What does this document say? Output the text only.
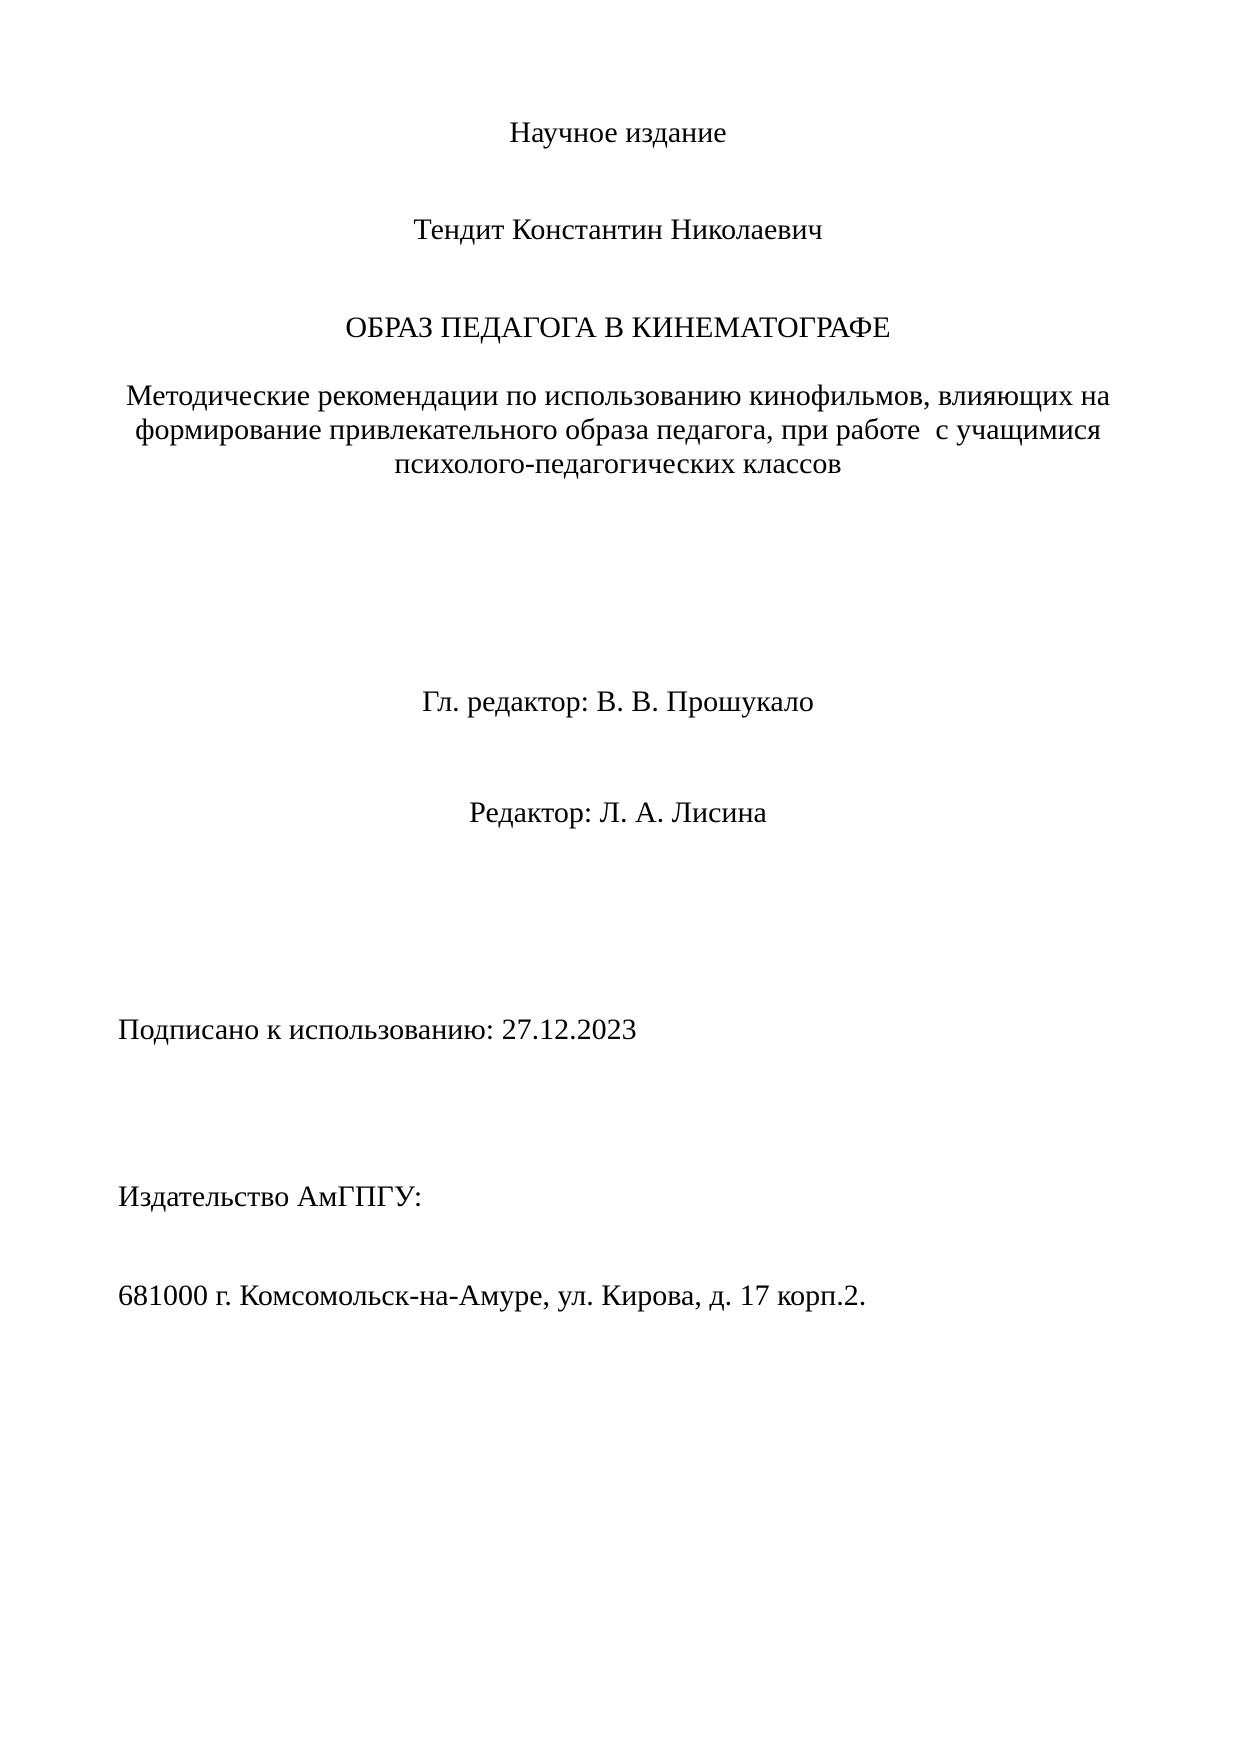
Научное издание
Тендит Константин Николаевич
ОБРАЗ ПЕДАГОГА В КИНЕМАТОГРАФЕ
Методические рекомендации по использованию кинофильмов, влияющих на формирование привлекательного образа педагога, при работе  с учащимися психолого-педагогических классов

Гл. редактор: В. В. Прошукало

Редактор: Л. А. Лисина

Подписано к использованию: 27.12.2023

Издательство АмГПГУ:

681000 г. Комсомольск-на-Амуре, ул. Кирова, д. 17 корп.2.
